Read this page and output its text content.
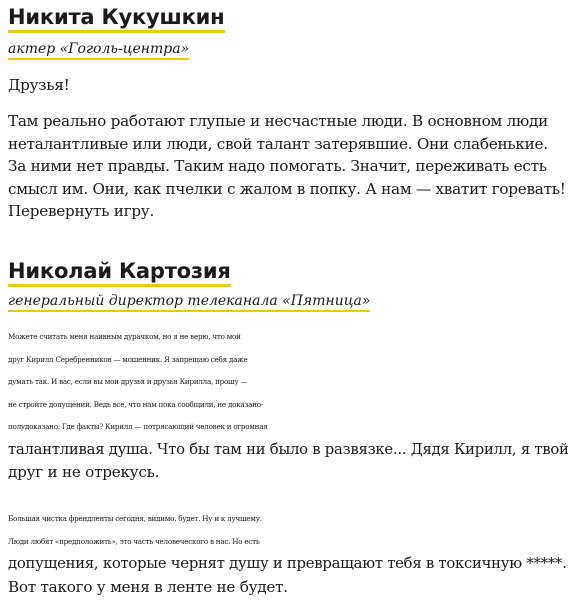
Никита Кукушкин
актер «Гоголь-центра»
Друзья!
Там реально работают глупые и несчастные люди. В основном люди
неталантливые или люди, свой талант затерявшие. Они слабенькие.
За ними нет правды. Таким надо помогать. Значит, переживать есть
смысл им. Они, как пчелки с жалом в попку. А нам — хватит горевать!
Перевернуть игру.
Николай Картозия
генеральный директор телеканала «Пятница»
Можете считать меня наивным дурачком, но я не верю, что мой
друг Кирилл Серебренников — мошенник. Я запрещаю себя даже
думать так. И вас, если вы мои друзья и друзья Кирилла, прошу —
не стройте допущений. Ведь все, что нам пока сообщили, не доказано-
полудоказано. Где факты? Кирилл — потрясающий человек и огромная
талантливая душа. Что бы там ни было в развязке... Дядя Кирилл, я твой
друг и не отрекусь.
Большая чистка френдленты сегодня, видимо, будет. Ну и к лучшему.
Люди любят «предположить», это часть человеческого в нас. Но есть
допущения, которые чернят душу и превращают тебя в токсичную *****.
Вот такого у меня в ленте не будет.
